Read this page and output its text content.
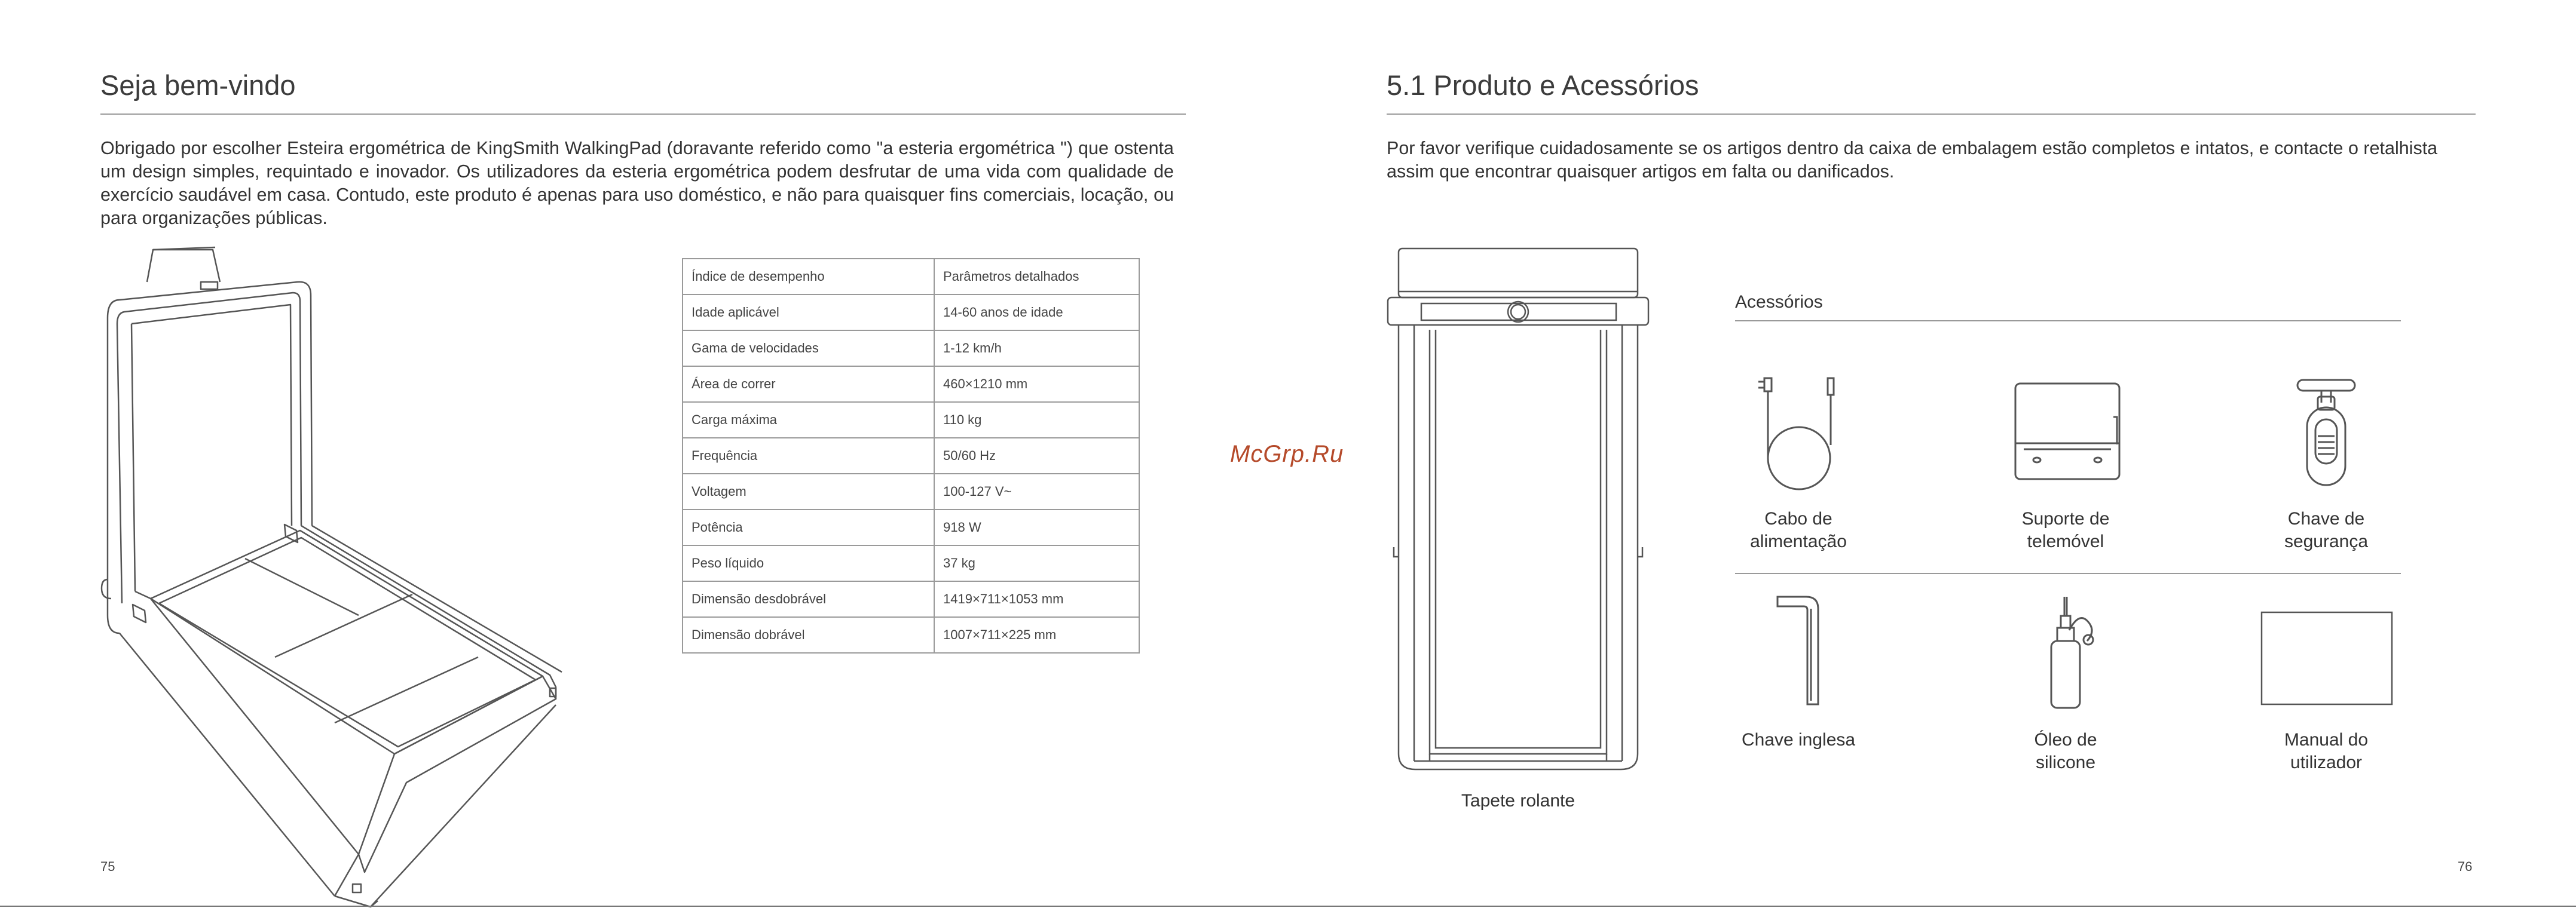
Seja bem-vindo

Obrigado por escolher Esteira ergométrica de KingSmith WalkingPad (doravante referido como "a esteria ergométrica ") que ostenta um design simples, requintado e inovador. Os utilizadores da esteria ergométrica podem desfrutar de uma vida com qualidade de exercício saudável em casa. Contudo, este produto é apenas para uso doméstico, e não para quaisquer fins comerciais, locação, ou para organizações públicas.

Índice de desempenho	Parâmetros detalhados
Idade aplicável	14-60 anos de idade
Gama de velocidades	1-12 km/h
Área de correr	460×1210 mm
Carga máxima	110 kg
Frequência	50/60 Hz
Voltagem	100-127 V~
Potência	918 W
Peso líquido	37 kg
Dimensão desdobrável	1419×711×1053 mm
Dimensão dobrável	1007×711×225 mm
75
McGrp.Ru
5.1 Produto e Acessórios

Por favor verifique cuidadosamente se os artigos dentro da caixa de embalagem estão completos e intatos, e contacte o retalhista assim que encontrar quaisquer artigos em falta ou danificados.

Tapete rolante
Acessórios
Cabo de
alimentação
Suporte de
telemóvel
Chave de
segurança
Chave inglesa	Óleo de
silicone
Manual do
utilizador
76
